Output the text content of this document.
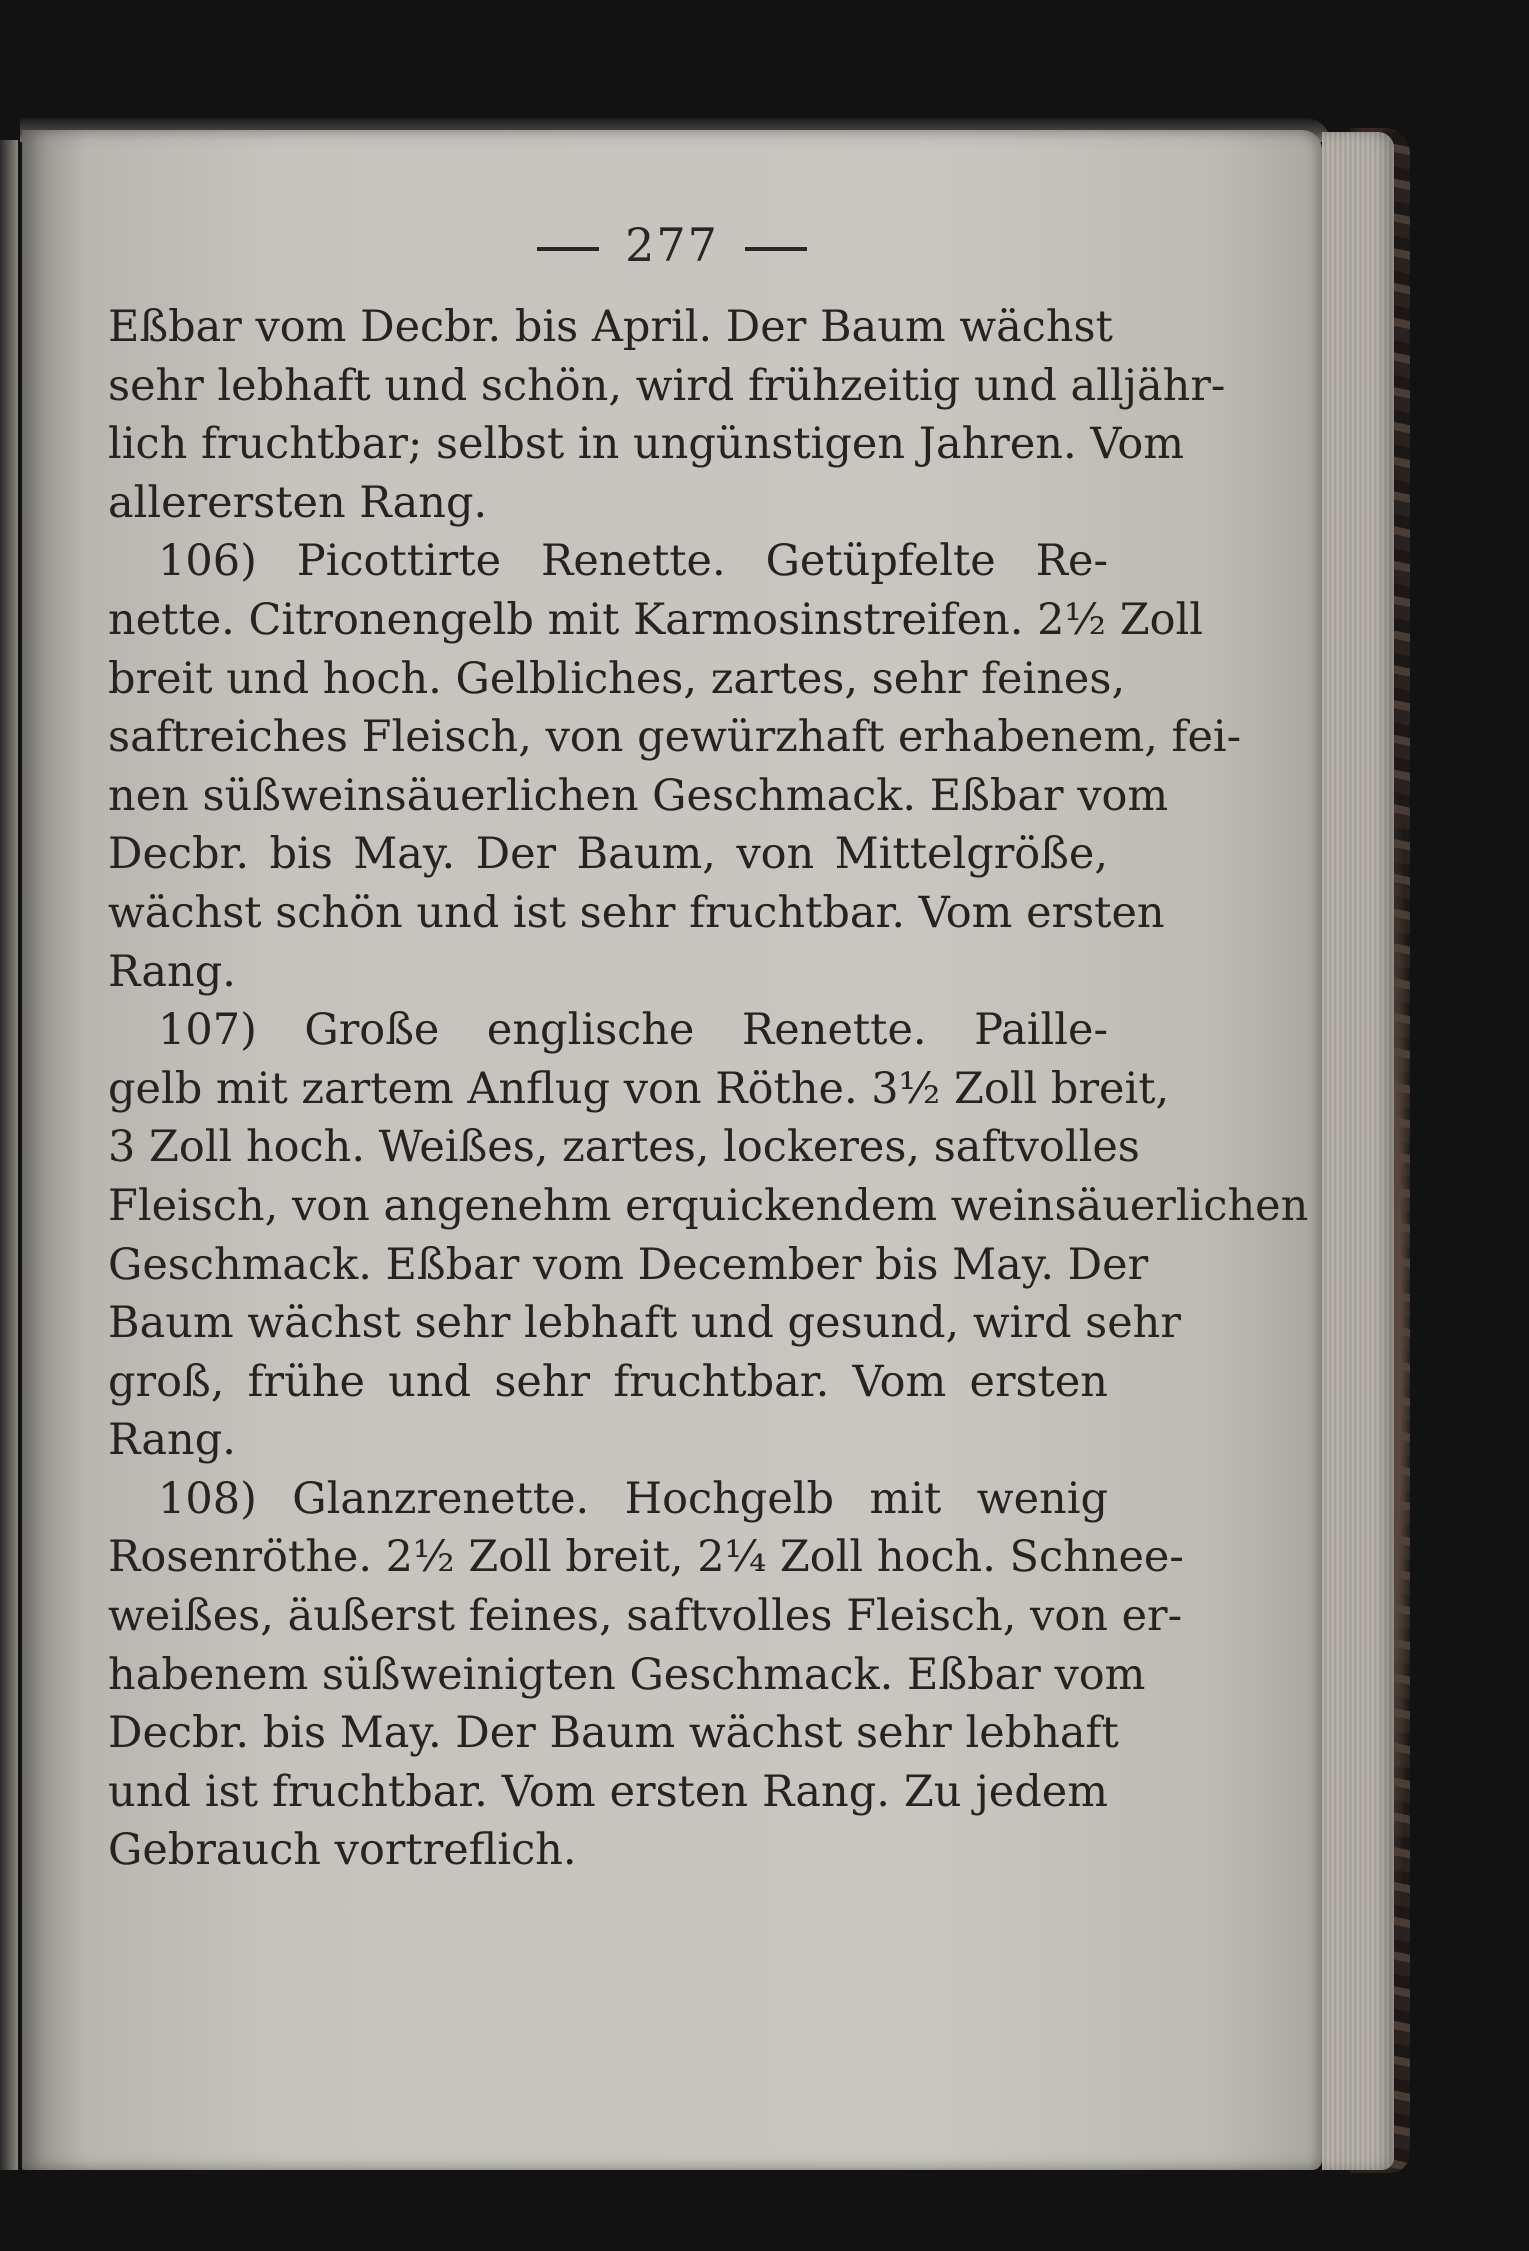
277
Eßbar vom Decbr. bis April. Der Baum wächst
sehr lebhaft und schön, wird frühzeitig und alljähr-
lich fruchtbar; selbst in ungünstigen Jahren. Vom
allerersten Rang.
106) Picottirte Renette. Getüpfelte Re-
nette. Citronengelb mit Karmosinstreifen. 2½ Zoll
breit und hoch. Gelbliches, zartes, sehr feines,
saftreiches Fleisch, von gewürzhaft erhabenem, fei-
nen süßweinsäuerlichen Geschmack. Eßbar vom
Decbr. bis May. Der Baum, von Mittelgröße,
wächst schön und ist sehr fruchtbar. Vom ersten
Rang.
107) Große englische Renette. Paille-
gelb mit zartem Anflug von Röthe. 3½ Zoll breit,
3 Zoll hoch. Weißes, zartes, lockeres, saftvolles
Fleisch, von angenehm erquickendem weinsäuerlichen
Geschmack. Eßbar vom December bis May. Der
Baum wächst sehr lebhaft und gesund, wird sehr
groß, frühe und sehr fruchtbar. Vom ersten
Rang.
108) Glanzrenette. Hochgelb mit wenig
Rosenröthe. 2½ Zoll breit, 2¼ Zoll hoch. Schnee-
weißes, äußerst feines, saftvolles Fleisch, von er-
habenem süßweinigten Geschmack. Eßbar vom
Decbr. bis May. Der Baum wächst sehr lebhaft
und ist fruchtbar. Vom ersten Rang. Zu jedem
Gebrauch vortreflich.
